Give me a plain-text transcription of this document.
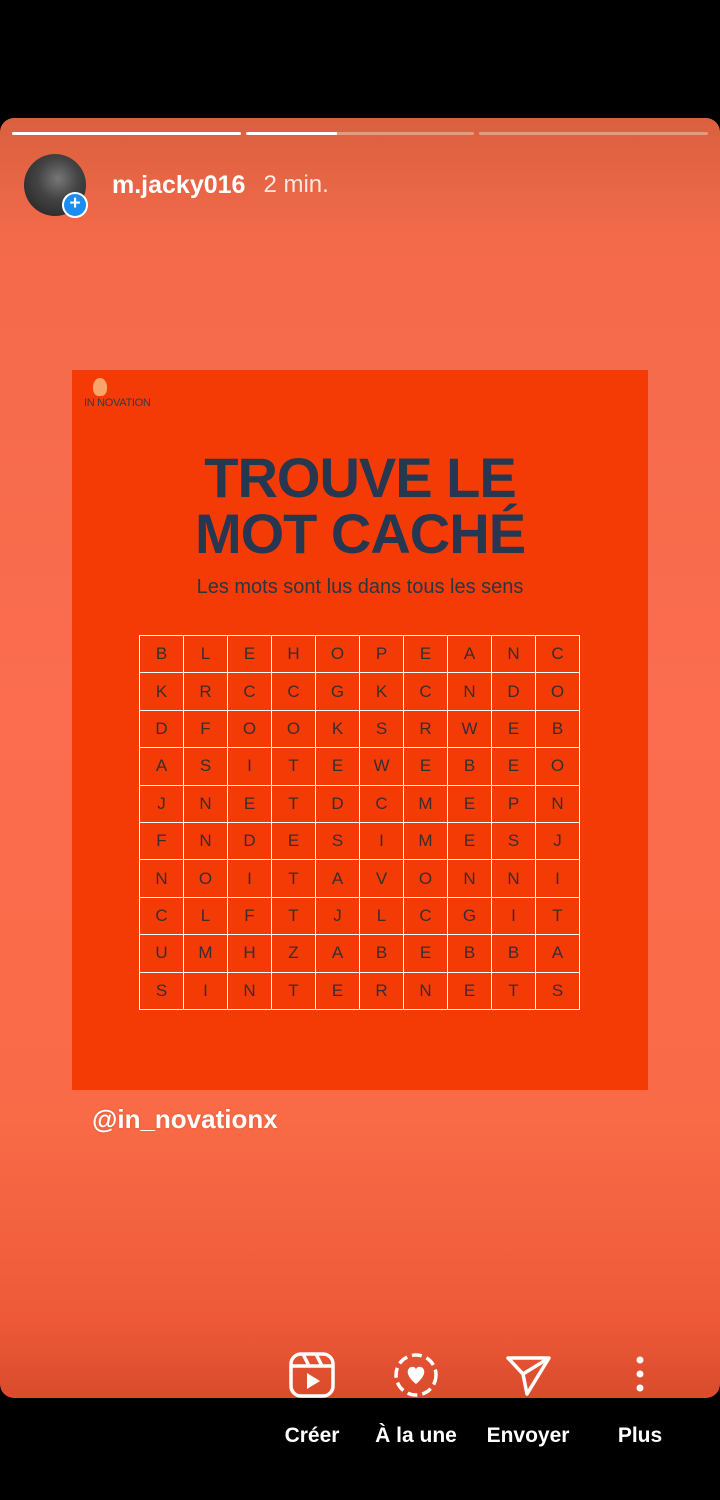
+
m.jacky016 2 min.
IN NOVATION
TROUVE LE
MOT CACHÉ
Les mots sont lus dans tous les sens
B	L	E	H	O	P	E	A	N	C
K	R	C	C	G	K	C	N	D	O
D	F	O	O	K	S	R	W	E	B
A	S	I	T	E	W	E	B	E	O
J	N	E	T	D	C	M	E	P	N
F	N	D	E	S	I	M	E	S	J
N	O	I	T	A	V	O	N	N	I
C	L	F	T	J	L	C	G	I	T
U	M	H	Z	A	B	E	B	B	A
S	I	N	T	E	R	N	E	T	S
@in_novationx
Créer À la une Envoyer Plus
